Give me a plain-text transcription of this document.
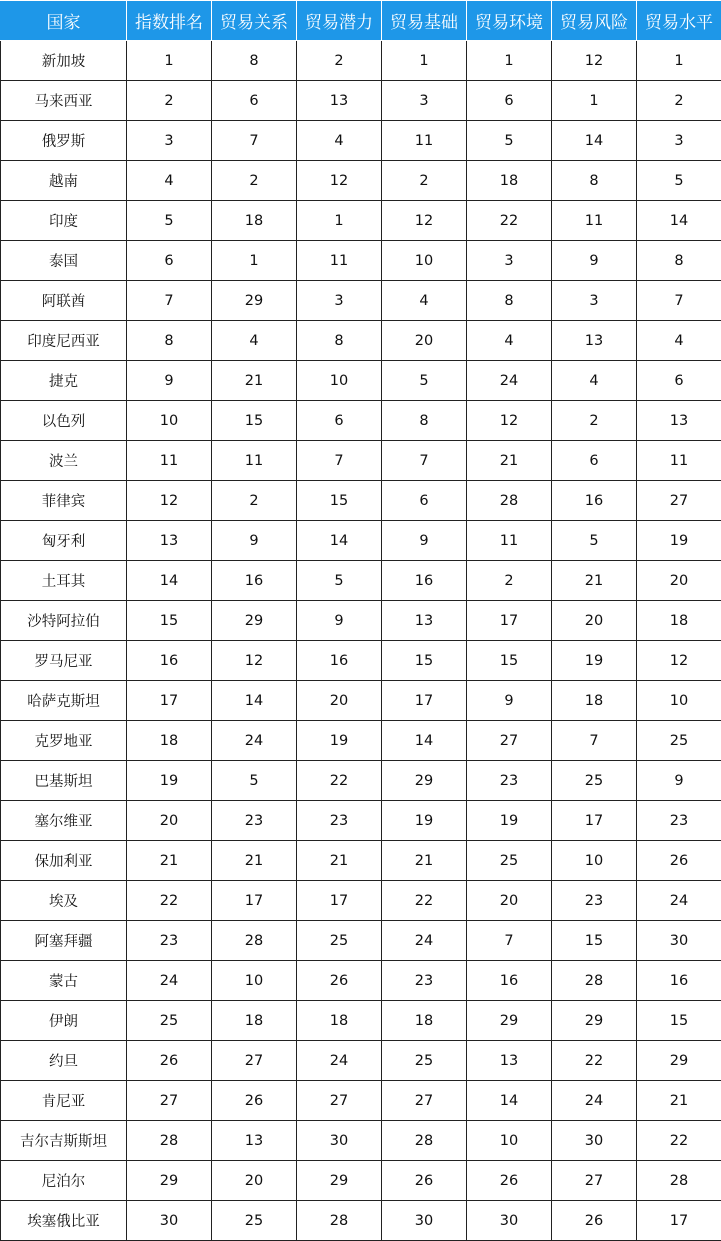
国家	指数排名	贸易关系	贸易潜力	贸易基础	贸易环境	贸易风险	贸易水平
新加坡	1	8	2	1	1	12	1
马来西亚	2	6	13	3	6	1	2
俄罗斯	3	7	4	11	5	14	3
越南	4	2	12	2	18	8	5
印度	5	18	1	12	22	11	14
泰国	6	1	11	10	3	9	8
阿联酋	7	29	3	4	8	3	7
印度尼西亚	8	4	8	20	4	13	4
捷克	9	21	10	5	24	4	6
以色列	10	15	6	8	12	2	13
波兰	11	11	7	7	21	6	11
菲律宾	12	2	15	6	28	16	27
匈牙利	13	9	14	9	11	5	19
土耳其	14	16	5	16	2	21	20
沙特阿拉伯	15	29	9	13	17	20	18
罗马尼亚	16	12	16	15	15	19	12
哈萨克斯坦	17	14	20	17	9	18	10
克罗地亚	18	24	19	14	27	7	25
巴基斯坦	19	5	22	29	23	25	9
塞尔维亚	20	23	23	19	19	17	23
保加利亚	21	21	21	21	25	10	26
埃及	22	17	17	22	20	23	24
阿塞拜疆	23	28	25	24	7	15	30
蒙古	24	10	26	23	16	28	16
伊朗	25	18	18	18	29	29	15
约旦	26	27	24	25	13	22	29
肯尼亚	27	26	27	27	14	24	21
吉尔吉斯斯坦	28	13	30	28	10	30	22
尼泊尔	29	20	29	26	26	27	28
埃塞俄比亚	30	25	28	30	30	26	17
